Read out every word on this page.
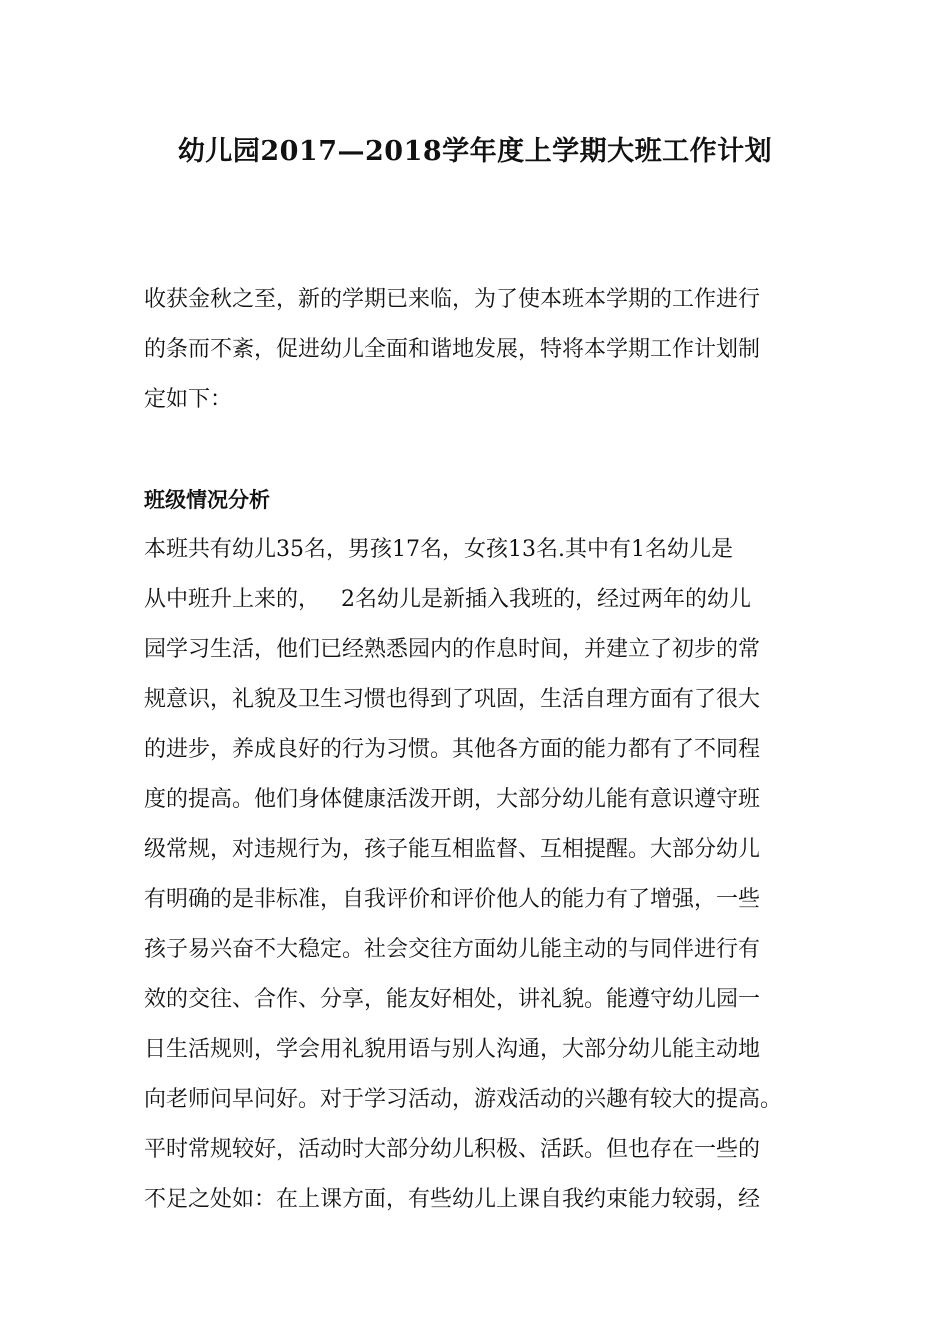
幼儿园2017—2018学年度上学期大班工作计划
收获金秋之至，新的学期已来临，为了使本班本学期的工作进行
的条而不紊，促进幼儿全面和谐地发展，特将本学期工作计划制
定如下：
班级情况分析
本班共有幼儿35名，男孩17名，女孩13名.其中有1名幼儿是
从中班升上来的，   2名幼儿是新插入我班的，经过两年的幼儿
园学习生活，他们已经熟悉园内的作息时间，并建立了初步的常
规意识，礼貌及卫生习惯也得到了巩固，生活自理方面有了很大
的进步，养成良好的行为习惯。其他各方面的能力都有了不同程
度的提高。他们身体健康活泼开朗，大部分幼儿能有意识遵守班
级常规，对违规行为，孩子能互相监督、互相提醒。大部分幼儿
有明确的是非标准，自我评价和评价他人的能力有了增强，一些
孩子易兴奋不大稳定。社会交往方面幼儿能主动的与同伴进行有
效的交往、合作、分享，能友好相处，讲礼貌。能遵守幼儿园一
日生活规则，学会用礼貌用语与别人沟通，大部分幼儿能主动地
向老师问早问好。对于学习活动，游戏活动的兴趣有较大的提高。
平时常规较好，活动时大部分幼儿积极、活跃。但也存在一些的
不足之处如：在上课方面，有些幼儿上课自我约束能力较弱，经
